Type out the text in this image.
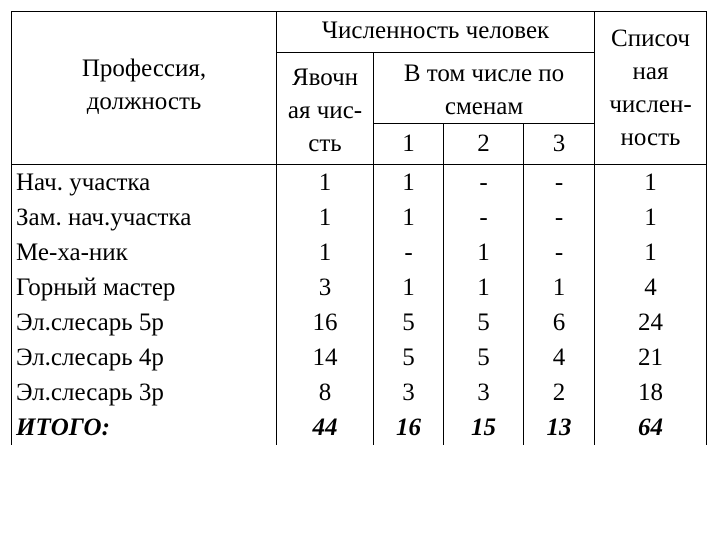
Профессия,
должность	Численность человек				Списоч
ная
числен-
ность

	Явочн
ая чис-
сть	В том числе по
сменам			

		1	2	3	
Нач. участка	1	1	-	-	1
Зам. нач.участка	1	1	-	-	1
Ме-ха-ник	1	-	1	-	1
Горный мастер	3	1	1	1	4
Эл.слесарь 5р	16	5	5	6	24
Эл.слесарь 4р	14	5	5	4	21
Эл.слесарь 3р	8	3	3	2	18
ИТОГО:	44	16	15	13	64
